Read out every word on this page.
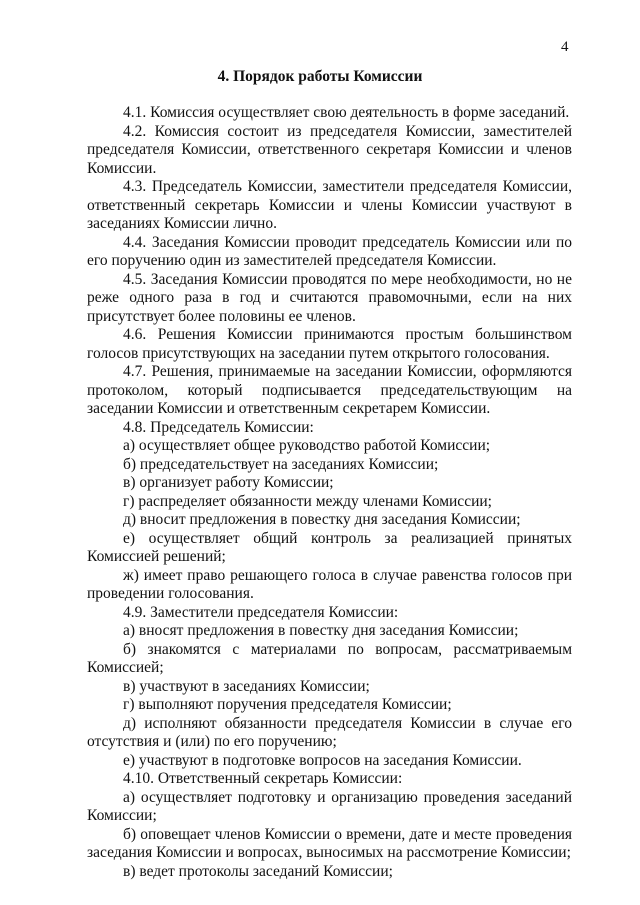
4
4. Порядок работы Комиссии

4.1. Комиссия осуществляет свою деятельность в форме заседаний.

4.2. Комиссия состоит из председателя Комиссии, заместителей председателя Комиссии, ответственного секретаря Комиссии и членов Комиссии.

4.3. Председатель Комиссии, заместители председателя Комиссии, ответственный секретарь Комиссии и члены Комиссии участвуют в заседаниях Комиссии лично.

4.4. Заседания Комиссии проводит председатель Комиссии или по его поручению один из заместителей председателя Комиссии.

4.5. Заседания Комиссии проводятся по мере необходимости, но не реже одного раза в год и считаются правомочными, если на них присутствует более половины ее членов.

4.6. Решения Комиссии принимаются простым большинством голосов присутствующих на заседании путем открытого голосования.

4.7. Решения, принимаемые на заседании Комиссии, оформляются протоколом, который подписывается председательствующим на заседании Комиссии и ответственным секретарем Комиссии.

4.8. Председатель Комиссии:

а) осуществляет общее руководство работой Комиссии;

б) председательствует на заседаниях Комиссии;

в) организует работу Комиссии;

г) распределяет обязанности между членами Комиссии;

д) вносит предложения в повестку дня заседания Комиссии;

е) осуществляет общий контроль за реализацией принятых Комиссией решений;

ж) имеет право решающего голоса в случае равенства голосов при проведении голосования.

4.9. Заместители председателя Комиссии:

а) вносят предложения в повестку дня заседания Комиссии;

б) знакомятся с материалами по вопросам, рассматриваемым Комиссией;

в) участвуют в заседаниях Комиссии;

г) выполняют поручения председателя Комиссии;

д) исполняют обязанности председателя Комиссии в случае его отсутствия и (или) по его поручению;

е) участвуют в подготовке вопросов на заседания Комиссии.

4.10. Ответственный секретарь Комиссии:

а) осуществляет подготовку и организацию проведения заседаний Комиссии;

б) оповещает членов Комиссии о времени, дате и месте проведения заседания Комиссии и вопросах, выносимых на рассмотрение Комиссии;

в) ведет протоколы заседаний Комиссии;
